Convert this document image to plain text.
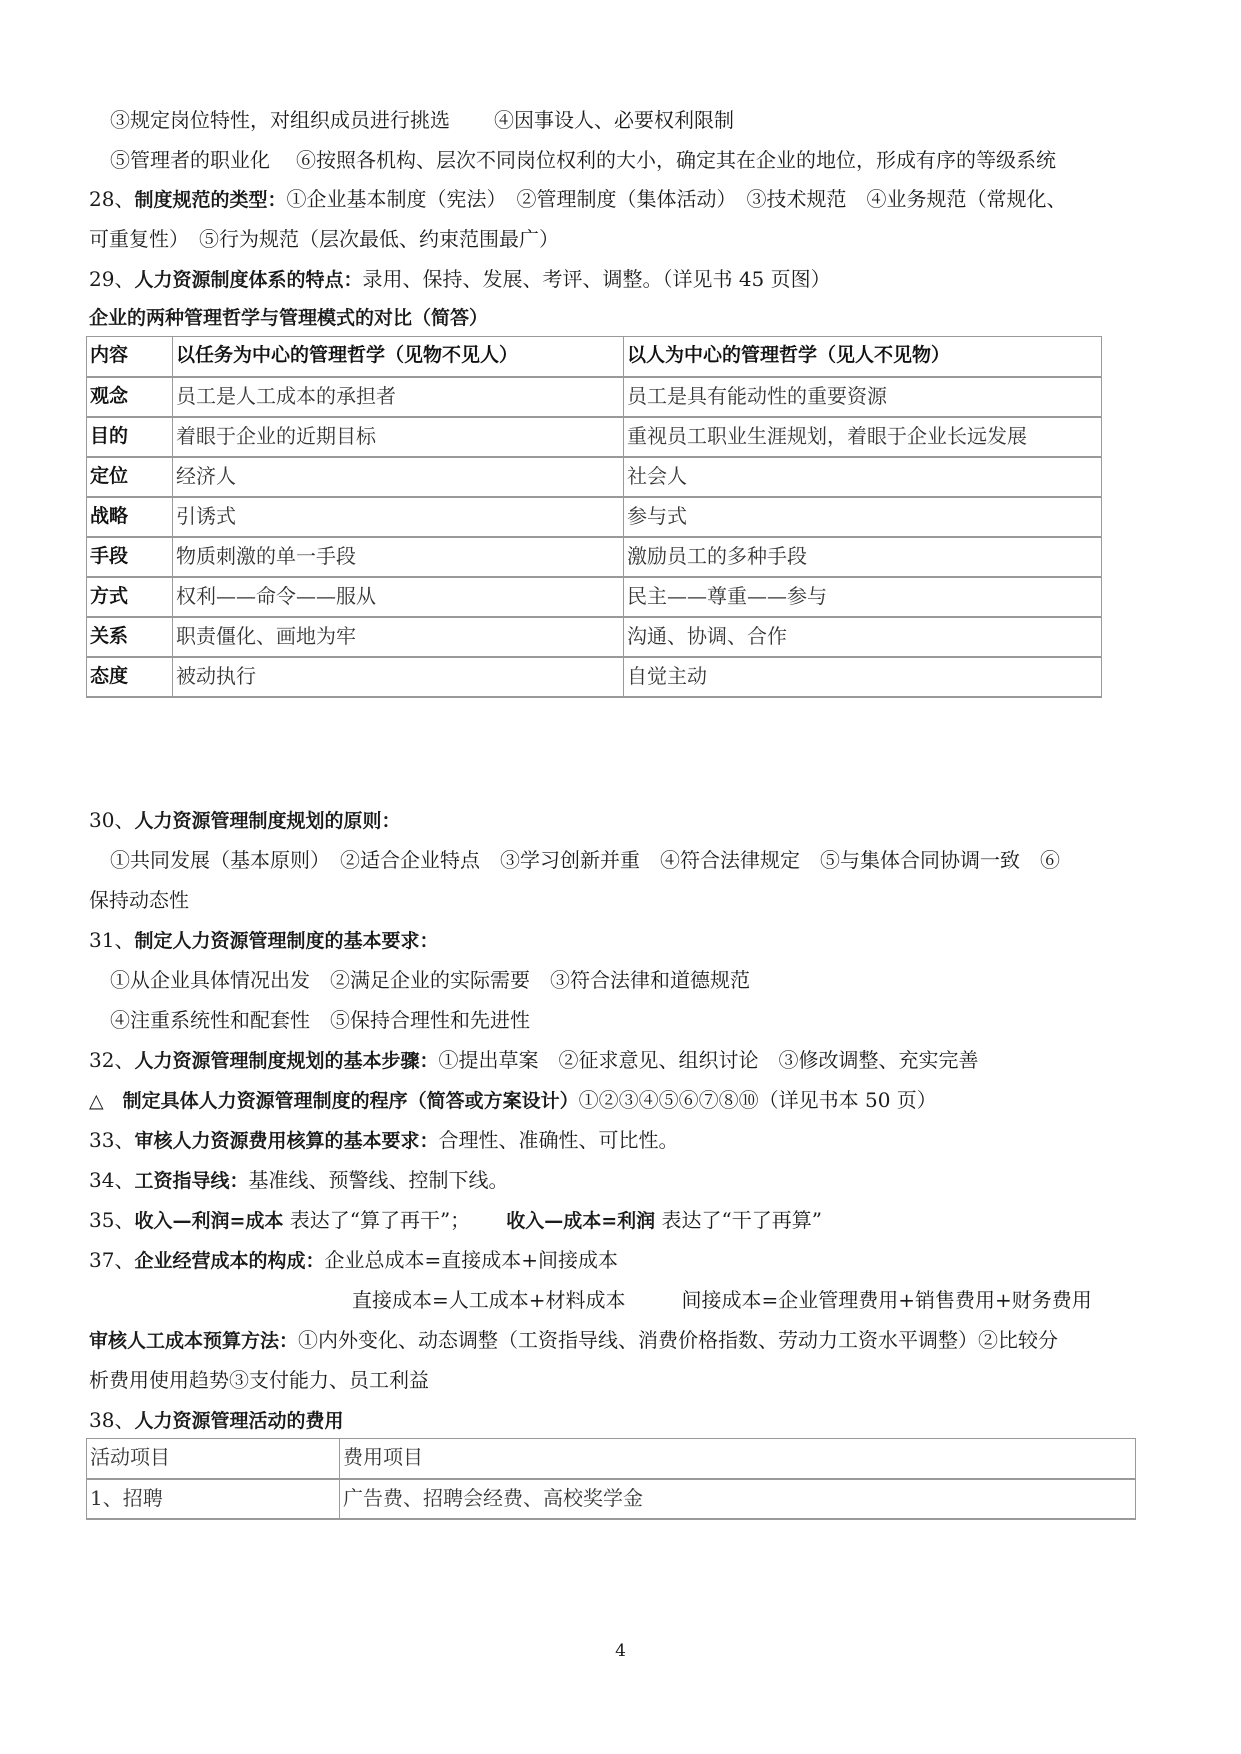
③规定岗位特性，对组织成员进行挑选 ④因事设人、必要权利限制
⑤管理者的职业化 ⑥按照各机构、层次不同岗位权利的大小，确定其在企业的地位，形成有序的等级系统
28、制度规范的类型：①企业基本制度（宪法）　②管理制度（集体活动）　③技术规范　④业务规范（常规化、
可重复性）　⑤行为规范（层次最低、约束范围最广）
29、人力资源制度体系的特点：录用、保持、发展、考评、调整。（详见书 45 页图）
企业的两种管理哲学与管理模式的对比（简答）
内容	以任务为中心的管理哲学（见物不见人）	以人为中心的管理哲学（见人不见物）
观念	员工是人工成本的承担者	员工是具有能动性的重要资源
目的	着眼于企业的近期目标	重视员工职业生涯规划，着眼于企业长远发展
定位	经济人	社会人
战略	引诱式	参与式
手段	物质刺激的单一手段	激励员工的多种手段
方式	权利——命令——服从	民主——尊重——参与
关系	职责僵化、画地为牢	沟通、协调、合作
态度	被动执行	自觉主动
30、人力资源管理制度规划的原则：
①共同发展（基本原则）　②适合企业特点　③学习创新并重　④符合法律规定　⑤与集体合同协调一致　⑥
保持动态性
31、制定人力资源管理制度的基本要求：
①从企业具体情况出发　②满足企业的实际需要　③符合法律和道德规范
④注重系统性和配套性　⑤保持合理性和先进性
32、人力资源管理制度规划的基本步骤：①提出草案　②征求意见、组织讨论　③修改调整、充实完善
△　制定具体人力资源管理制度的程序（简答或方案设计）①②③④⑤⑥⑦⑧⑩（详见书本 50 页）
33、审核人力资源费用核算的基本要求：合理性、准确性、可比性。
34、工资指导线：基准线、预警线、控制下线。
35、收入—利润=成本 表达了“算了再干”； 收入—成本=利润 表达了“干了再算”
37、企业经营成本的构成：企业总成本=直接成本+间接成本
直接成本=人工成本+材料成本	间接成本=企业管理费用+销售费用+财务费用
审核人工成本预算方法：①内外变化、动态调整（工资指导线、消费价格指数、劳动力工资水平调整）②比较分
析费用使用趋势③支付能力、员工利益
38、人力资源管理活动的费用
活动项目	费用项目
1、招聘	广告费、招聘会经费、高校奖学金
4
